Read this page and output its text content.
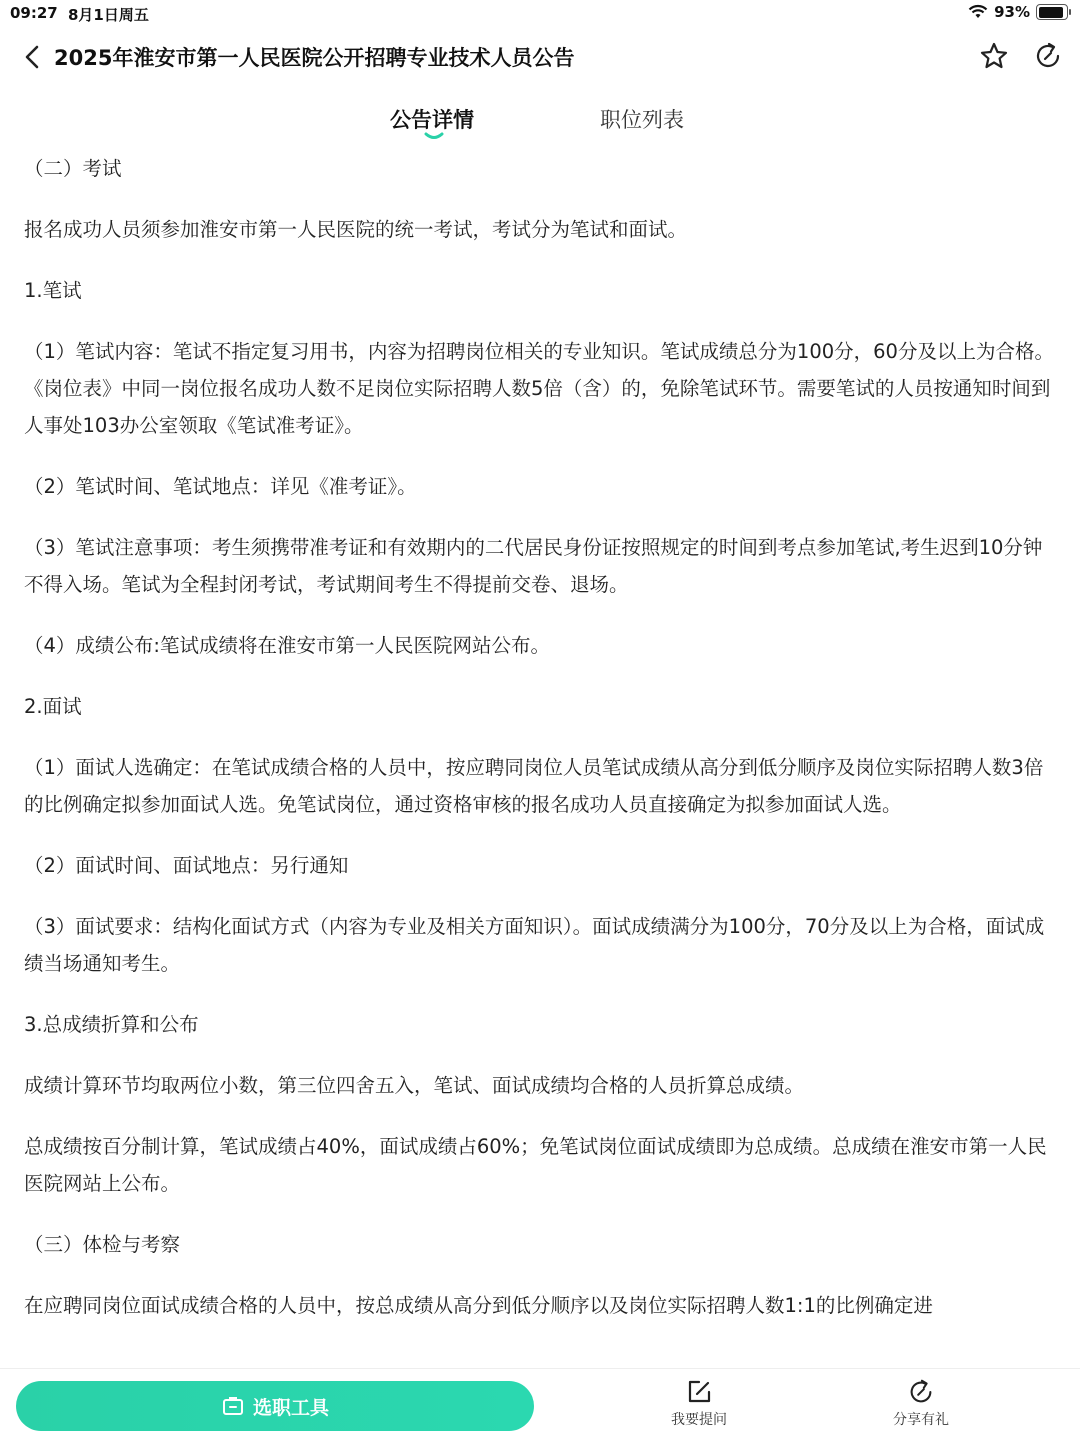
09:27 8月1日周五	93%
2025年淮安市第一人民医院公开招聘专业技术人员公告
公告详情	职位列表

（二）考试

报名成功人员须参加淮安市第一人民医院的统一考试，考试分为笔试和面试。

1.笔试

（1）笔试内容：笔试不指定复习用书，内容为招聘岗位相关的专业知识。笔试成绩总分为100分，60分及以上为合格。《岗位表》中同一岗位报名成功人数不足岗位实际招聘人数5倍（含）的，免除笔试环节。需要笔试的人员按通知时间到人事处103办公室领取《笔试准考证》。

（2）笔试时间、笔试地点：详见《准考证》。

（3）笔试注意事项：考生须携带准考证和有效期内的二代居民身份证按照规定的时间到考点参加笔试,考生迟到10分钟不得入场。笔试为全程封闭考试，考试期间考生不得提前交卷、退场。

（4）成绩公布:笔试成绩将在淮安市第一人民医院网站公布。

2.面试

（1）面试人选确定：在笔试成绩合格的人员中，按应聘同岗位人员笔试成绩从高分到低分顺序及岗位实际招聘人数3倍的比例确定拟参加面试人选。免笔试岗位，通过资格审核的报名成功人员直接确定为拟参加面试人选。

（2）面试时间、面试地点：另行通知

（3）面试要求：结构化面试方式（内容为专业及相关方面知识）。面试成绩满分为100分，70分及以上为合格，面试成绩当场通知考生。

3.总成绩折算和公布

成绩计算环节均取两位小数，第三位四舍五入，笔试、面试成绩均合格的人员折算总成绩。

总成绩按百分制计算，笔试成绩占40%，面试成绩占60%；免笔试岗位面试成绩即为总成绩。总成绩在淮安市第一人民医院网站上公布。

（三）体检与考察

在应聘同岗位面试成绩合格的人员中，按总成绩从高分到低分顺序以及岗位实际招聘人数1:1的比例确定进

选职工具
我要提问	分享有礼
